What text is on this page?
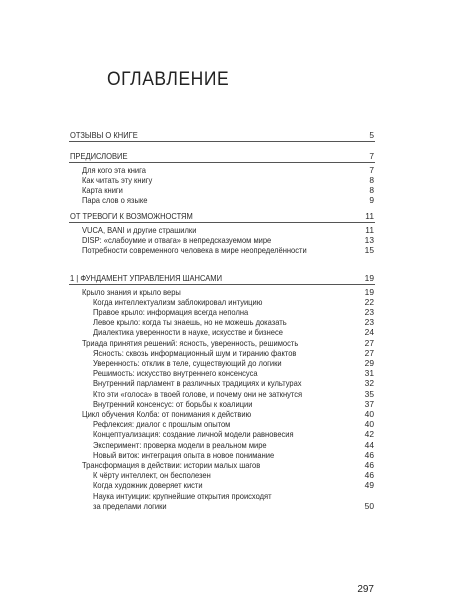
ОГЛАВЛЕНИЕ
ОТЗЫВЫ О КНИГЕ	5
ПРЕДИСЛОВИЕ	7
Для кого эта книга	7
Как читать эту книгу	8
Карта книги	8
Пара слов о языке	9
ОТ ТРЕВОГИ К ВОЗМОЖНОСТЯМ	11
VUCA, BANI и другие страшилки	11
DISP: «слабоумие и отвага» в непредсказуемом мире	13
Потребности современного человека в мире неопределённости	15
1 | ФУНДАМЕНТ УПРАВЛЕНИЯ ШАНСАМИ	19
Крыло знания и крыло веры	19
Когда интеллектуализм заблокировал интуицию	22
Правое крыло: информация всегда неполна	23
Левое крыло: когда ты знаешь, но не можешь доказать	23
Диалектика уверенности в науке, искусстве и бизнесе	24
Триада принятия решений: ясность, уверенность, решимость	27
Ясность: сквозь информационный шум и тиранию фактов	27
Уверенность: отклик в теле, существующий до логики	29
Решимость: искусство внутреннего консенсуса	31
Внутренний парламент в различных традициях и культурах	32
Кто эти «голоса» в твоей голове, и почему они не заткнутся	35
Внутренний консенсус: от борьбы к коалиции	37
Цикл обучения Колба: от понимания к действию	40
Рефлексия: диалог с прошлым опытом	40
Концептуализация: создание личной модели равновесия	42
Эксперимент: проверка модели в реальном мире	44
Новый виток: интеграция опыта в новое понимание	46
Трансформация в действии: истории малых шагов	46
К чёрту интеллект, он бесполезен	46
Когда художник доверяет кисти	49
Наука интуиции: крупнейшие открытия происходят
за пределами логики	50
297
